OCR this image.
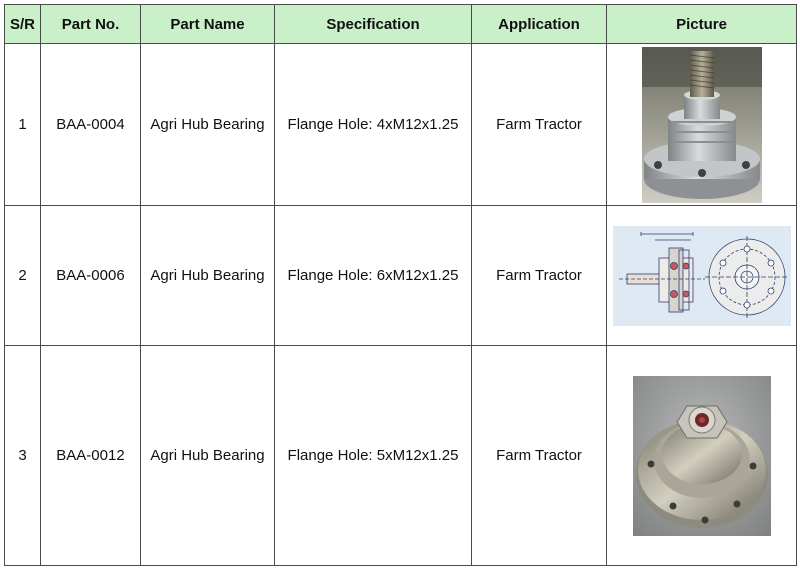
S/R	Part No.	Part Name	Specification	Application	Picture
1	BAA-0004	Agri Hub Bearing	Flange Hole: 4xM12x1.25	Farm Tractor	

2	BAA-0006	Agri Hub Bearing	Flange Hole: 6xM12x1.25	Farm Tractor	

3	BAA-0012	Agri Hub Bearing	Flange Hole: 5xM12x1.25	Farm Tractor	
